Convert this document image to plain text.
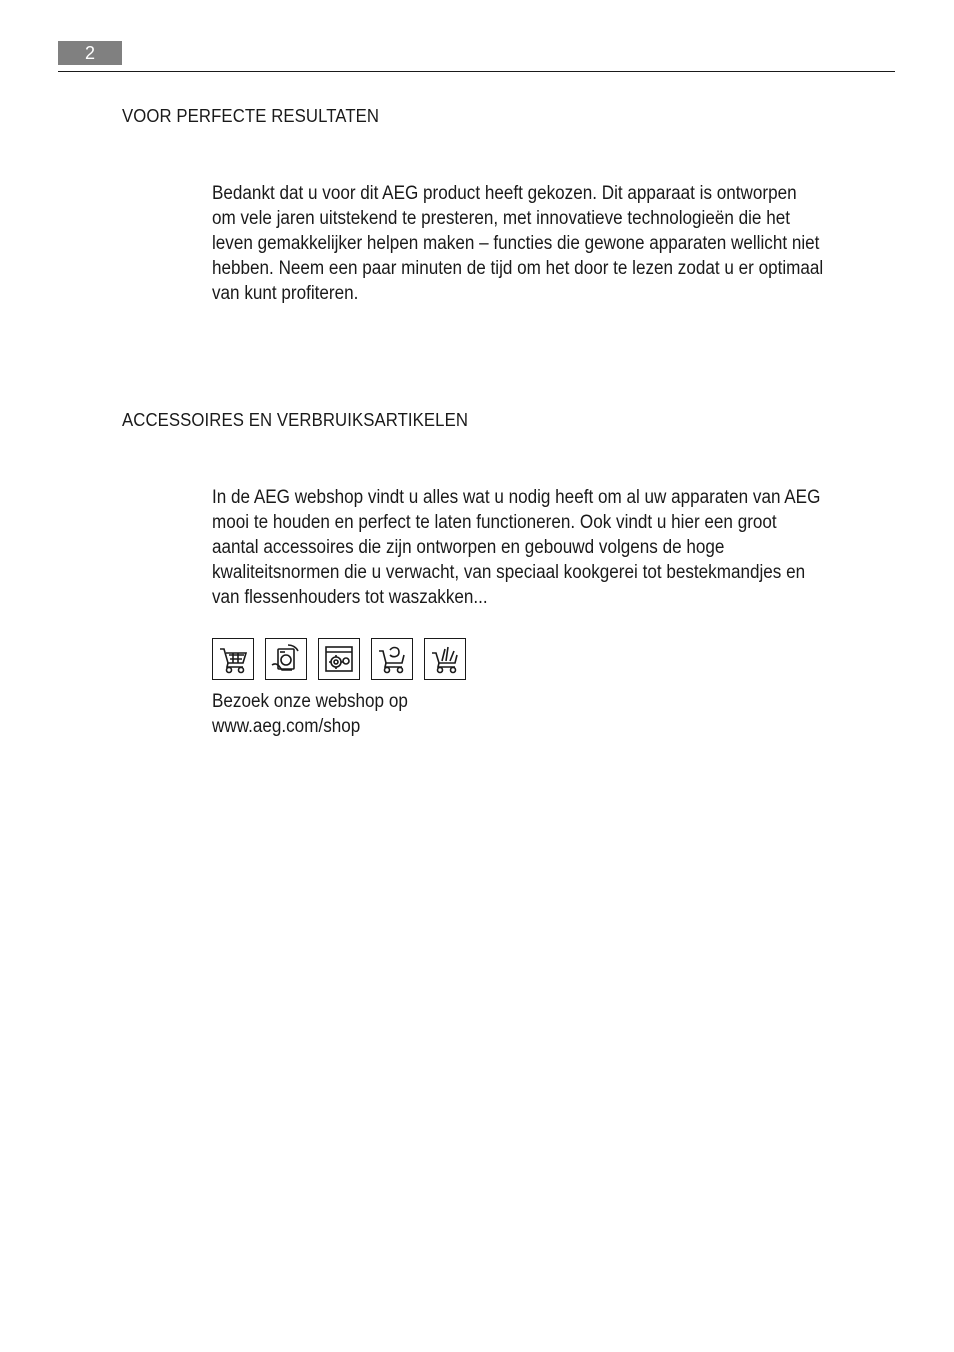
2
VOOR PERFECTE RESULTATEN

Bedankt dat u voor dit AEG product heeft gekozen. Dit apparaat is ontworpen
om vele jaren uitstekend te presteren, met innovatieve technologieën die het
leven gemakkelijker helpen maken – functies die gewone apparaten wellicht niet
hebben. Neem een paar minuten de tijd om het door te lezen zodat u er optimaal
van kunt profiteren.

ACCESSOIRES EN VERBRUIKSARTIKELEN

In de AEG webshop vindt u alles wat u nodig heeft om al uw apparaten van AEG
mooi te houden en perfect te laten functioneren. Ook vindt u hier een groot
aantal accessoires die zijn ontworpen en gebouwd volgens de hoge
kwaliteitsnormen die u verwacht, van speciaal kookgerei tot bestekmandjes en
van flessenhouders tot waszakken...

Bezoek onze webshop op
www.aeg.com/shop
